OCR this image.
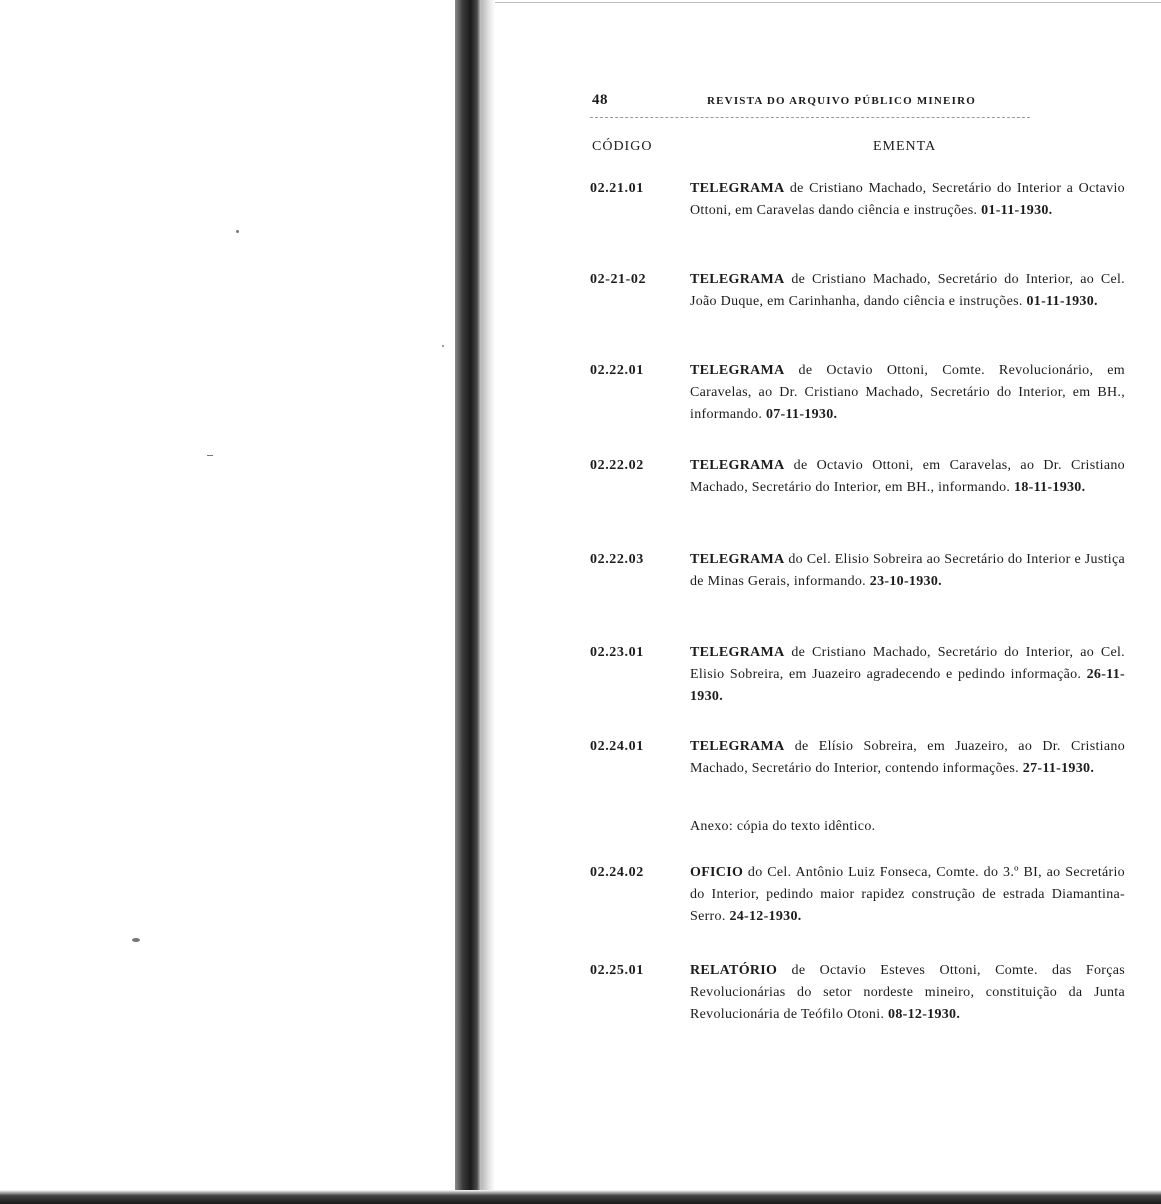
48	REVISTA DO ARQUIVO PÚBLICO MINEIRO
CÓDIGO	EMENTA
02.21.01	TELEGRAMA de Cristiano Machado, Secretário do Interior a Octavio Ottoni, em Caravelas dando ciência e instruções. 01-11-1930.
02-21-02	TELEGRAMA de Cristiano Machado, Secretário do Interior, ao Cel. João Duque, em Carinhanha, dando ciência e instruções. 01-11-1930.
02.22.01	TELEGRAMA de Octavio Ottoni, Comte. Revolucionário, em Caravelas, ao Dr. Cristiano Machado, Secretário do Interior, em BH., informando. 07-11-1930.
02.22.02	TELEGRAMA de Octavio Ottoni, em Caravelas, ao Dr. Cristiano Machado, Secretário do Interior, em BH., informando. 18-11-1930.
02.22.03	TELEGRAMA do Cel. Elisio Sobreira ao Secretário do Interior e Justiça de Minas Gerais, informando. 23-10-1930.
02.23.01	TELEGRAMA de Cristiano Machado, Secretário do Interior, ao Cel. Elisio Sobreira, em Juazeiro agradecendo e pedindo informação. 26-11-1930.
02.24.01	TELEGRAMA de Elísio Sobreira, em Juazeiro, ao Dr. Cristiano Machado, Secretário do Interior, contendo informações. 27-11-1930.
Anexo: cópia do texto idêntico.
02.24.02	OFICIO do Cel. Antônio Luiz Fonseca, Comte. do 3.º BI, ao Secretário do Interior, pedindo maior rapidez construção de estrada Diamantina-Serro. 24-12-1930.
02.25.01	RELATÓRIO de Octavio Esteves Ottoni, Comte. das Forças Revolucionárias do setor nordeste mineiro, constituição da Junta Revolucionária de Teófilo Otoni. 08-12-1930.
